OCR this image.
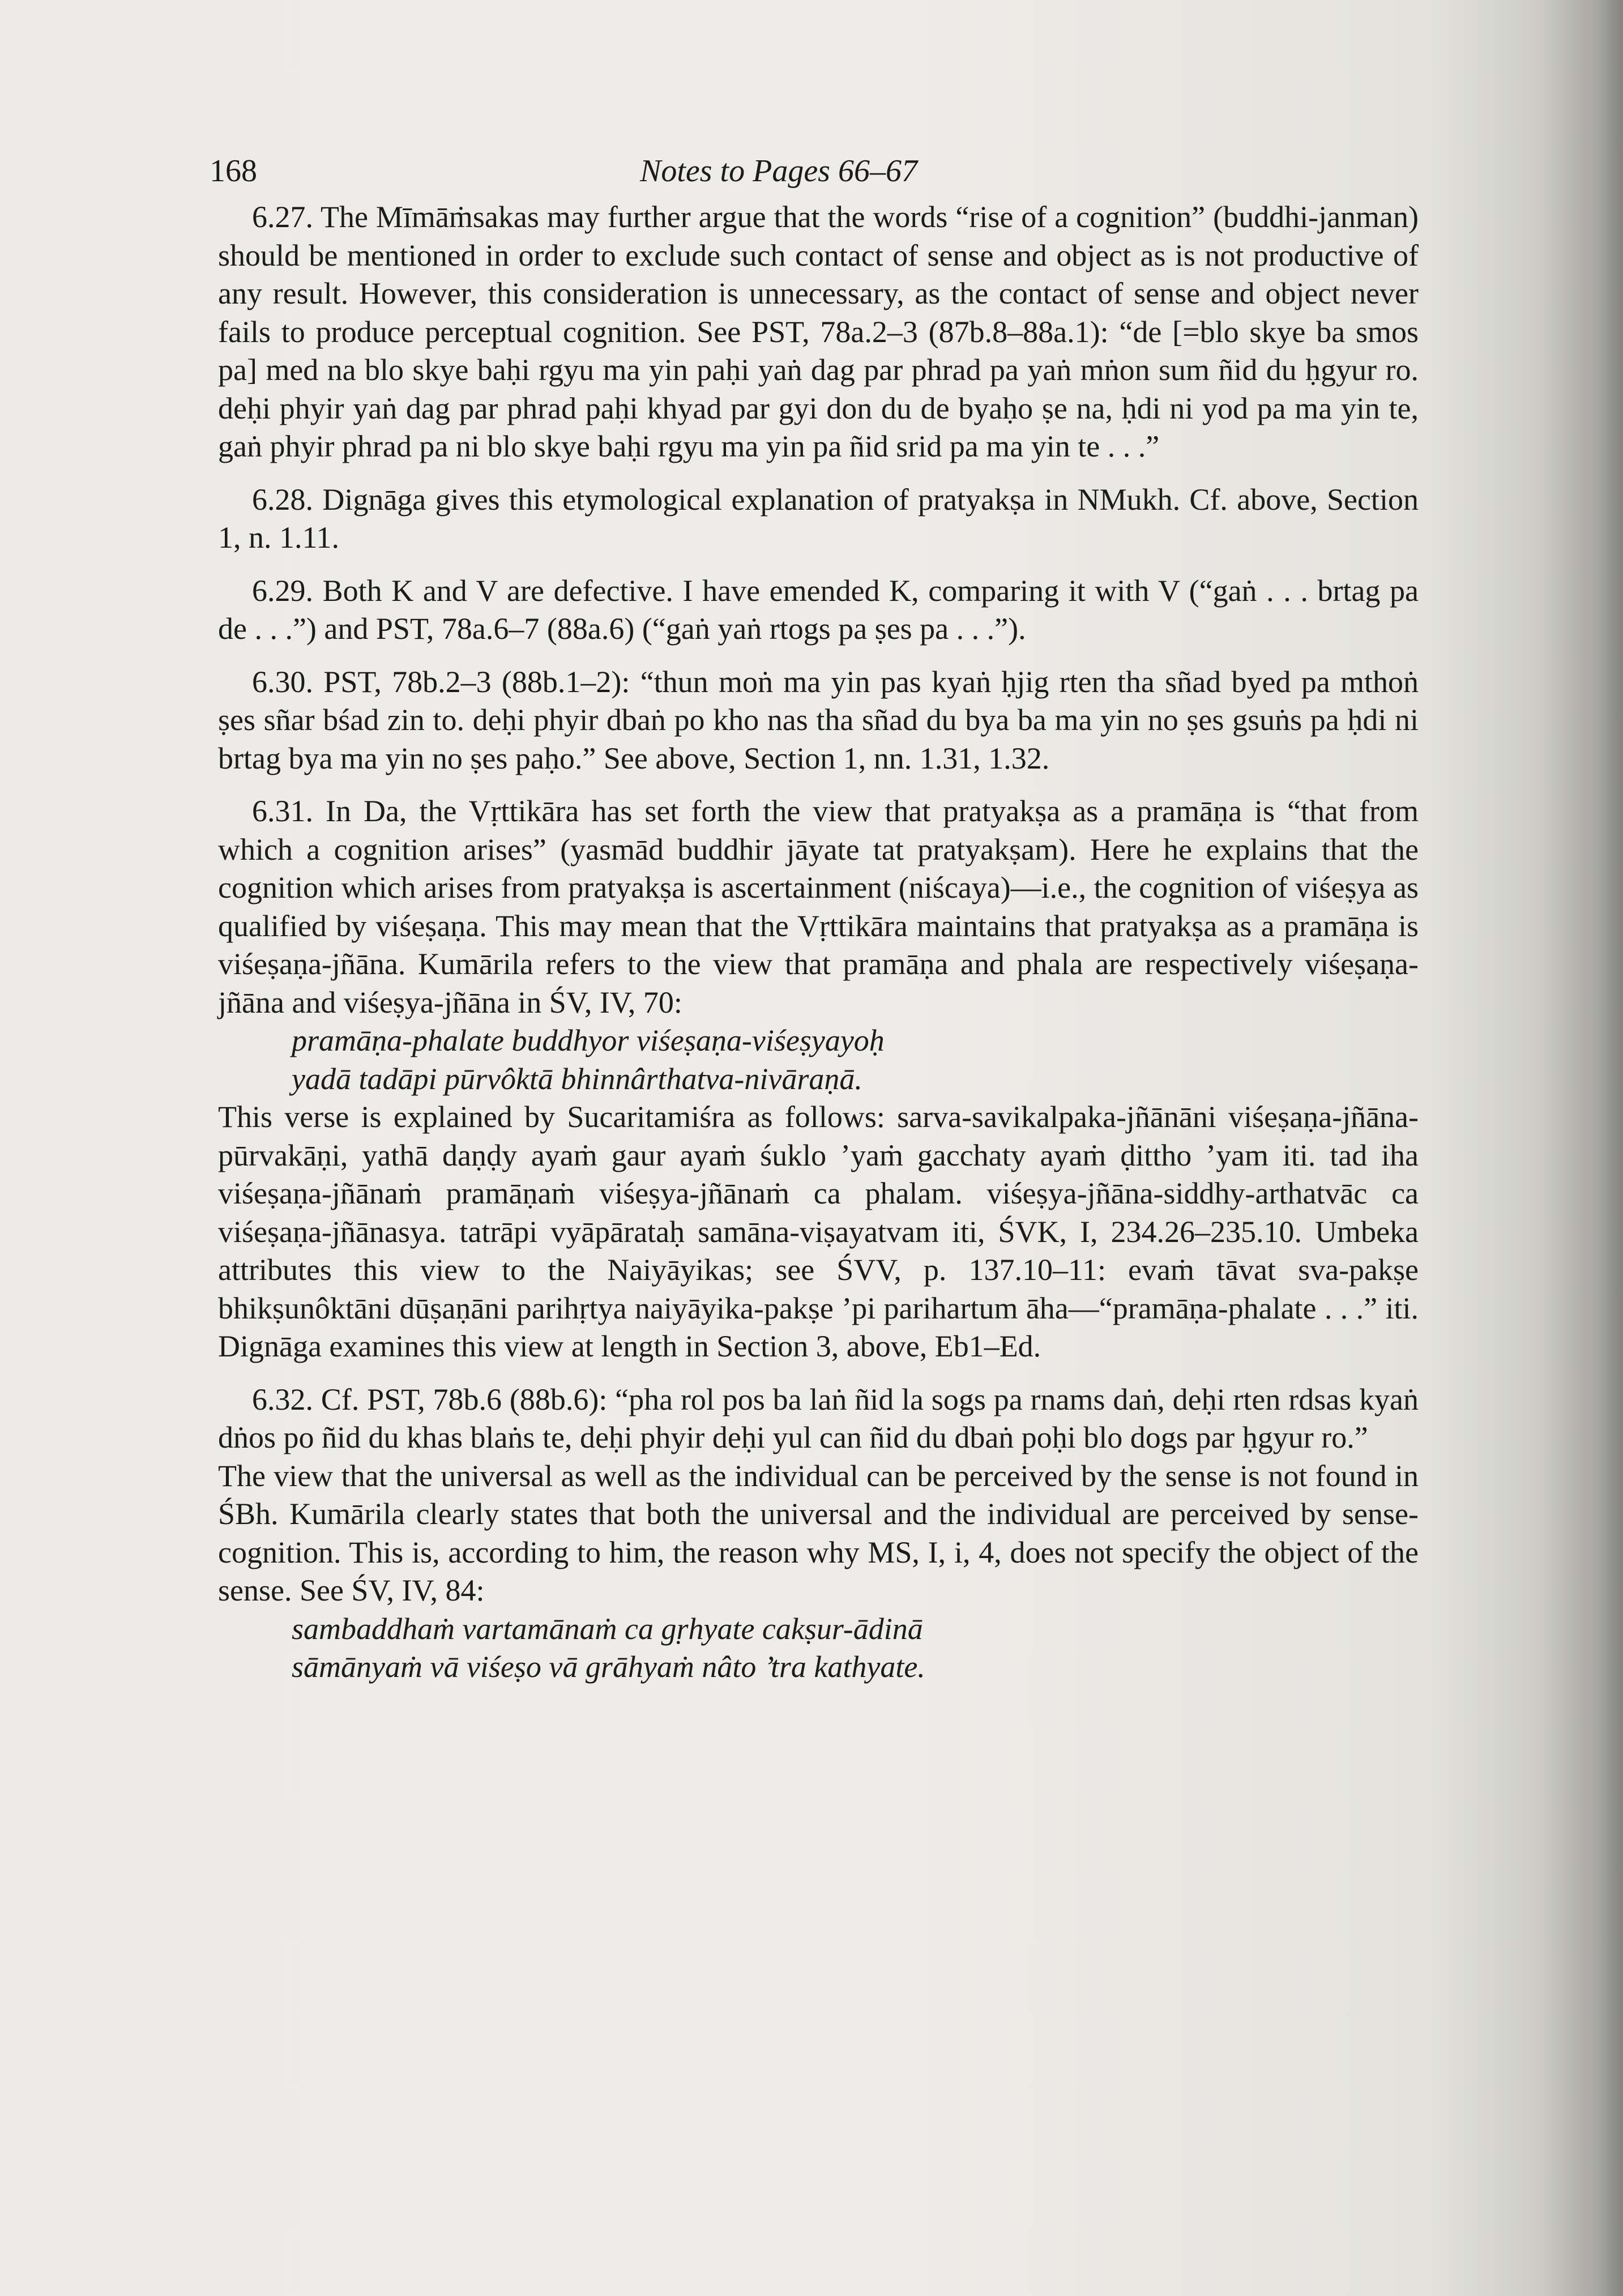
168	Notes to Pages 66–67

6.27. The Mīmāṁsakas may further argue that the words “rise of a cognition” (buddhi-janman) should be mentioned in order to exclude such contact of sense and object as is not productive of any result. However, this consideration is unnecessary, as the contact of sense and object never fails to produce perceptual cognition. See PST, 78a.2–3 (87b.8–88a.1): “de [=blo skye ba smos pa] med na blo skye baḥi rgyu ma yin paḥi yaṅ dag par phrad pa yaṅ mṅon sum ñid du ḥgyur ro. deḥi phyir yaṅ dag par phrad paḥi khyad par gyi don du de byaḥo ṣe na, ḥdi ni yod pa ma yin te, gaṅ phyir phrad pa ni blo skye baḥi rgyu ma yin pa ñid srid pa ma yin te . . .”

6.28. Dignāga gives this etymological explanation of pratyakṣa in NMukh. Cf. above, Section 1, n. 1.11.

6.29. Both K and V are defective. I have emended K, comparing it with V (“gaṅ . . . brtag pa de . . .”) and PST, 78a.6–7 (88a.6) (“gaṅ yaṅ rtogs pa ṣes pa . . .”).

6.30. PST, 78b.2–3 (88b.1–2): “thun moṅ ma yin pas kyaṅ ḥjig rten tha sñad byed pa mthoṅ ṣes sñar bśad zin to. deḥi phyir dbaṅ po kho nas tha sñad du bya ba ma yin no ṣes gsuṅs pa ḥdi ni brtag bya ma yin no ṣes paḥo.” See above, Section 1, nn. 1.31, 1.32.

6.31. In Da, the Vṛttikāra has set forth the view that pratyakṣa as a pramāṇa is “that from which a cognition arises” (yasmād buddhir jāyate tat pratyakṣam). Here he explains that the cognition which arises from pratyakṣa is ascertainment (niścaya)—i.e., the cognition of viśeṣya as qualified by viśeṣaṇa. This may mean that the Vṛttikāra maintains that pratyakṣa as a pramāṇa is viśeṣaṇa-jñāna. Kumārila refers to the view that pramāṇa and phala are respectively viśeṣaṇa-jñāna and viśeṣya-jñāna in ŚV, IV, 70:

pramāṇa-phalate buddhyor viśeṣaṇa-viśeṣyayoḥ
yadā tadāpi pūrvôktā bhinnârthatva-nivāraṇā.

This verse is explained by Sucaritamiśra as follows: sarva-savikalpaka-jñānāni viśeṣaṇa-jñāna-pūrvakāṇi, yathā daṇḍy ayaṁ gaur ayaṁ śuklo ’yaṁ gacchaty ayaṁ ḍittho ’yam iti. tad iha viśeṣaṇa-jñānaṁ pramāṇaṁ viśeṣya-jñānaṁ ca phalam. viśeṣya-jñāna-siddhy-arthatvāc ca viśeṣaṇa-jñānasya. tatrāpi vyāpārataḥ samāna-viṣayatvam iti, ŚVK, I, 234.26–235.10. Umbeka attributes this view to the Naiyāyikas; see ŚVV, p. 137.10–11: evaṁ tāvat sva-pakṣe bhikṣunôktāni dūṣaṇāni parihṛtya naiyāyika-pakṣe ’pi parihartum āha—“pramāṇa-phalate . . .” iti. Dignāga examines this view at length in Section 3, above, Eb1–Ed.

6.32. Cf. PST, 78b.6 (88b.6): “pha rol pos ba laṅ ñid la sogs pa rnams daṅ, deḥi rten rdsas kyaṅ dṅos po ñid du khas blaṅs te, deḥi phyir deḥi yul can ñid du dbaṅ poḥi blo dogs par ḥgyur ro.”

The view that the universal as well as the individual can be perceived by the sense is not found in ŚBh. Kumārila clearly states that both the universal and the individual are perceived by sense-cognition. This is, according to him, the reason why MS, I, i, 4, does not specify the object of the sense. See ŚV, IV, 84:

sambaddhaṁ vartamānaṁ ca gṛhyate cakṣur-ādinā
sāmānyaṁ vā viśeṣo vā grāhyaṁ nâto ’tra kathyate.
